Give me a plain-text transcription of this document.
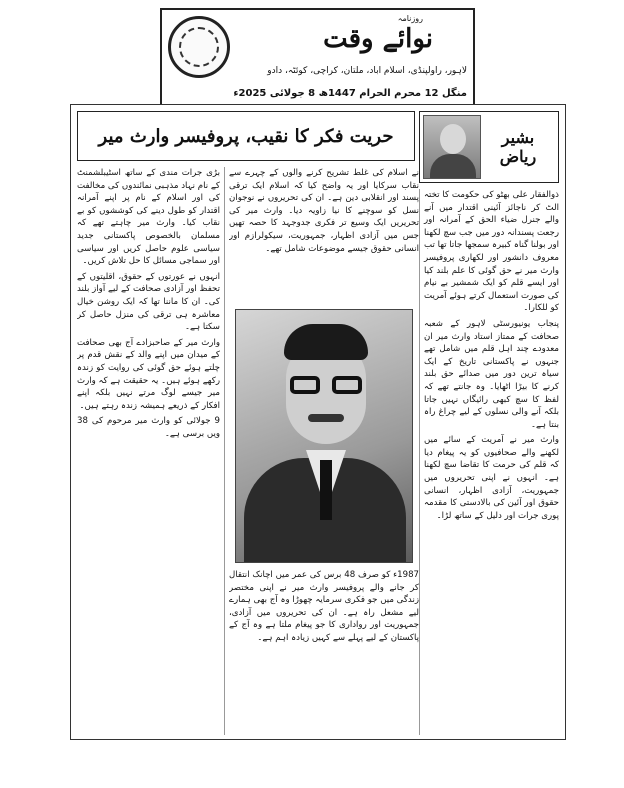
روزنامہ
نوائے وقت
لاہور، راولپنڈی، اسلام آباد، ملتان، کراچی، کوئٹہ، دادو
منگل 12 محرم الحرام 1447ھ 8 جولائی 2025ء
حریت فکر کا نقیب، پروفیسر وارث میر	بشیر ریاض

ذوالفقار علی بھٹو کی حکومت کا تختہ الٹ کر ناجائز آئینی اقتدار میں آنے والے جنرل ضیاء الحق کے آمرانہ اور رجعت پسندانہ دور میں جب سچ لکھنا اور بولنا گناہ کبیرہ سمجھا جاتا تھا تب معروف دانشور اور لکھاری پروفیسر وارث میر نے حق گوئی کا علم بلند کیا اور ایسے قلم کو ایک شمشیر بے نیام کی صورت استعمال کرتے ہوئے آمریت کو للکارا۔

پنجاب یونیورسٹی لاہور کے شعبہ صحافت کے ممتاز استاد وارث میر ان معدودے چند اہل قلم میں شامل تھے جنہوں نے پاکستانی تاریخ کے ایک سیاہ ترین دور میں صدائے حق بلند کرنے کا بیڑا اٹھایا۔ وہ جانتے تھے کہ لفظ کا سچ کبھی رائیگاں نہیں جاتا بلکہ آنے والی نسلوں کے لیے چراغ راہ بنتا ہے۔

وارث میر نے آمریت کے سائے میں لکھنے والے صحافیوں کو یہ پیغام دیا کہ قلم کی حرمت کا تقاضا سچ لکھنا ہے۔ انہوں نے اپنی تحریروں میں جمہوریت، آزادی اظہار، انسانی حقوق اور آئین کی بالادستی کا مقدمہ پوری جرات اور دلیل کے ساتھ لڑا۔

نے اسلام کی غلط تشریح کرنے والوں کے چہرے سے نقاب سرکایا اور یہ واضح کیا کہ اسلام ایک ترقی پسند اور انقلابی دین ہے۔ ان کی تحریروں نے نوجوان نسل کو سوچنے کا نیا زاویہ دیا۔ وارث میر کی تحریریں ایک وسیع تر فکری جدوجہد کا حصہ تھیں جس میں آزادی اظہار، جمہوریت، سیکولرازم اور انسانی حقوق جیسے موضوعات شامل تھے۔

1987ء کو صرف 48 برس کی عمر میں اچانک انتقال کر جانے والے پروفیسر وارث میر نے اپنی مختصر زندگی میں جو فکری سرمایہ چھوڑا وہ آج بھی ہمارے لیے مشعل راہ ہے۔ ان کی تحریروں میں آزادی، جمہوریت اور رواداری کا جو پیغام ملتا ہے وہ آج کے پاکستان کے لیے پہلے سے کہیں زیادہ اہم ہے۔

بڑی جرات مندی کے ساتھ اسٹیبلشمنٹ کے نام نہاد مذہبی نمائندوں کی مخالفت کی اور اسلام کے نام پر اپنے آمرانہ اقتدار کو طول دینے کی کوششوں کو بے نقاب کیا۔ وارث میر چاہتے تھے کہ مسلمان بالخصوص پاکستانی جدید سیاسی علوم حاصل کریں اور سیاسی اور سماجی مسائل کا حل تلاش کریں۔

انہوں نے عورتوں کے حقوق، اقلیتوں کے تحفظ اور آزادی صحافت کے لیے آواز بلند کی۔ ان کا ماننا تھا کہ ایک روشن خیال معاشرہ ہی ترقی کی منزل حاصل کر سکتا ہے۔

وارث میر کے صاحبزادے آج بھی صحافت کے میدان میں اپنے والد کے نقش قدم پر چلتے ہوئے حق گوئی کی روایت کو زندہ رکھے ہوئے ہیں۔ یہ حقیقت ہے کہ وارث میر جیسے لوگ مرتے نہیں بلکہ اپنے افکار کے ذریعے ہمیشہ زندہ رہتے ہیں۔

9 جولائی کو وارث میر مرحوم کی 38 ویں برسی ہے۔
